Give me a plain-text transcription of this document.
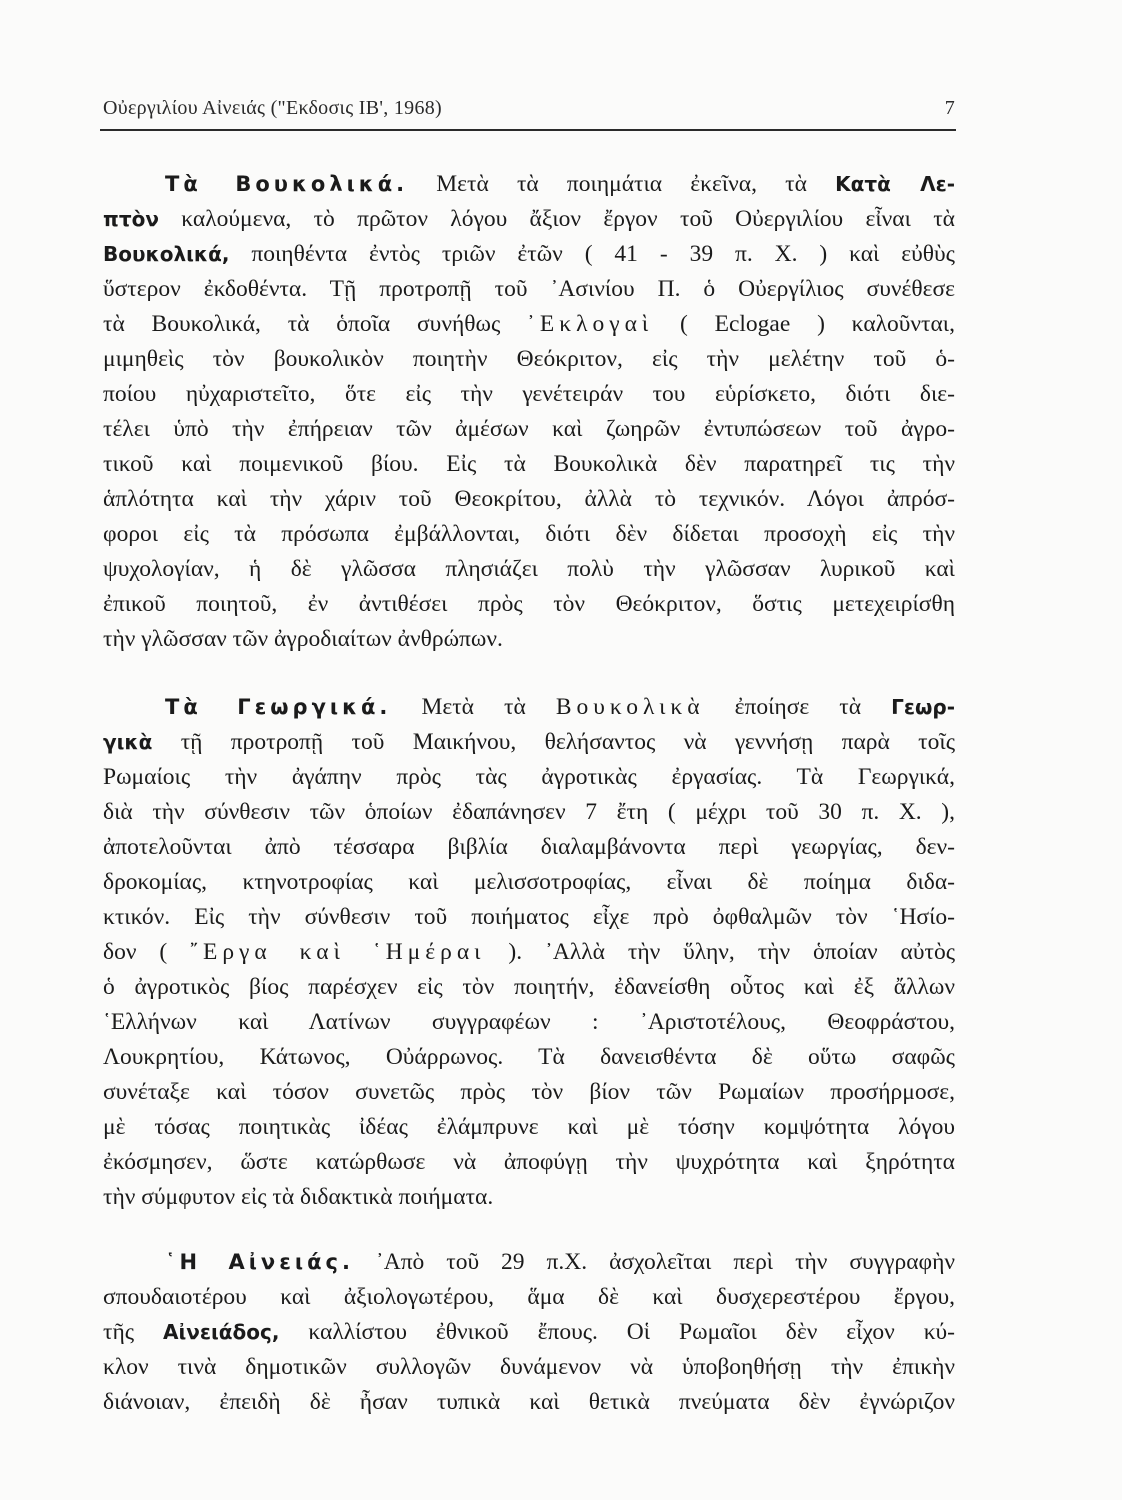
Οὐεργιλίου Αἰνειάς ("Εκδοσις ΙΒ', 1968)	7
Τὰ Βουκολικά. Μετὰ τὰ ποιημάτια ἐκεῖνα, τὰ Κατὰ Λε-
πτὸν καλούμενα, τὸ πρῶτον λόγου ἄξιον ἔργον τοῦ Οὐεργιλίου εἶναι τὰ
Βουκολικά, ποιηθέντα ἐντὸς τριῶν ἐτῶν ( 41 - 39 π. Χ. ) καὶ εὐθὺς
ὕστερον ἐκδοθέντα. Τῇ προτροπῇ τοῦ ᾿Ασινίου Π. ὁ Οὐεργίλιος συνέθεσε
τὰ Βουκολικά, τὰ ὁποῖα συνήθως ᾿Εκλογαὶ ( Eclogae ) καλοῦνται,
μιμηθεὶς τὸν βουκολικὸν ποιητὴν Θεόκριτον, εἰς τὴν μελέτην τοῦ ὁ-
ποίου ηὐχαριστεῖτο, ὅτε εἰς τὴν γενέτειράν του εὑρίσκετο, διότι διε-
τέλει ὑπὸ τὴν ἐπήρειαν τῶν ἀμέσων καὶ ζωηρῶν ἐντυπώσεων τοῦ ἀγρο-
τικοῦ καὶ ποιμενικοῦ βίου. Εἰς τὰ Βουκολικὰ δὲν παρατηρεῖ τις τὴν
ἁπλότητα καὶ τὴν χάριν τοῦ Θεοκρίτου, ἀλλὰ τὸ τεχνικόν. Λόγοι ἀπρόσ-
φοροι εἰς τὰ πρόσωπα ἐμβάλλονται, διότι δὲν δίδεται προσοχὴ εἰς τὴν
ψυχολογίαν, ἡ δὲ γλῶσσα πλησιάζει πολὺ τὴν γλῶσσαν λυρικοῦ καὶ
ἐπικοῦ ποιητοῦ, ἐν ἀντιθέσει πρὸς τὸν Θεόκριτον, ὅστις μετεχειρίσθη
τὴν γλῶσσαν τῶν ἀγροδιαίτων ἀνθρώπων.
Τὰ Γεωργικά. Μετὰ τὰ Βουκολικὰ ἐποίησε τὰ Γεωρ-
γικὰ τῇ προτροπῇ τοῦ Μαικήνου, θελήσαντος νὰ γεννήσῃ παρὰ τοῖς
Ρωμαίοις τὴν ἀγάπην πρὸς τὰς ἀγροτικὰς ἐργασίας. Τὰ Γεωργικά,
διὰ τὴν σύνθεσιν τῶν ὁποίων ἐδαπάνησεν 7 ἔτη ( μέχρι τοῦ 30 π. Χ. ),
ἀποτελοῦνται ἀπὸ τέσσαρα βιβλία διαλαμβάνοντα περὶ γεωργίας, δεν-
δροκομίας, κτηνοτροφίας καὶ μελισσοτροφίας, εἶναι δὲ ποίημα διδα-
κτικόν. Εἰς τὴν σύνθεσιν τοῦ ποιήματος εἶχε πρὸ ὀφθαλμῶν τὸν ῾Ησίο-
δον ( ῎Εργα καὶ ῾Ημέραι ). ᾿Αλλὰ τὴν ὕλην, τὴν ὁποίαν αὐτὸς
ὁ ἀγροτικὸς βίος παρέσχεν εἰς τὸν ποιητήν, ἐδανείσθη οὗτος καὶ ἐξ ἄλλων
῾Ελλήνων καὶ Λατίνων συγγραφέων : ᾿Αριστοτέλους, Θεοφράστου,
Λουκρητίου, Κάτωνος, Οὐάρρωνος. Τὰ δανεισθέντα δὲ οὕτω σαφῶς
συνέταξε καὶ τόσον συνετῶς πρὸς τὸν βίον τῶν Ρωμαίων προσήρμοσε,
μὲ τόσας ποιητικὰς ἰδέας ἐλάμπρυνε καὶ μὲ τόσην κομψότητα λόγου
ἐκόσμησεν, ὥστε κατώρθωσε νὰ ἀποφύγῃ τὴν ψυχρότητα καὶ ξηρότητα
τὴν σύμφυτον εἰς τὰ διδακτικὰ ποιήματα.
῾Η Αἰνειάς. ᾿Απὸ τοῦ 29 π.Χ. ἀσχολεῖται περὶ τὴν συγγραφὴν
σπουδαιοτέρου καὶ ἀξιολογωτέρου, ἅμα δὲ καὶ δυσχερεστέρου ἔργου,
τῆς Αἰνειάδος, καλλίστου ἐθνικοῦ ἔπους. Οἱ Ρωμαῖοι δὲν εἶχον κύ-
κλον τινὰ δημοτικῶν συλλογῶν δυνάμενον νὰ ὑποβοηθήσῃ τὴν ἐπικὴν
διάνοιαν, ἐπειδὴ δὲ ἦσαν τυπικὰ καὶ θετικὰ πνεύματα δὲν ἐγνώριζον
